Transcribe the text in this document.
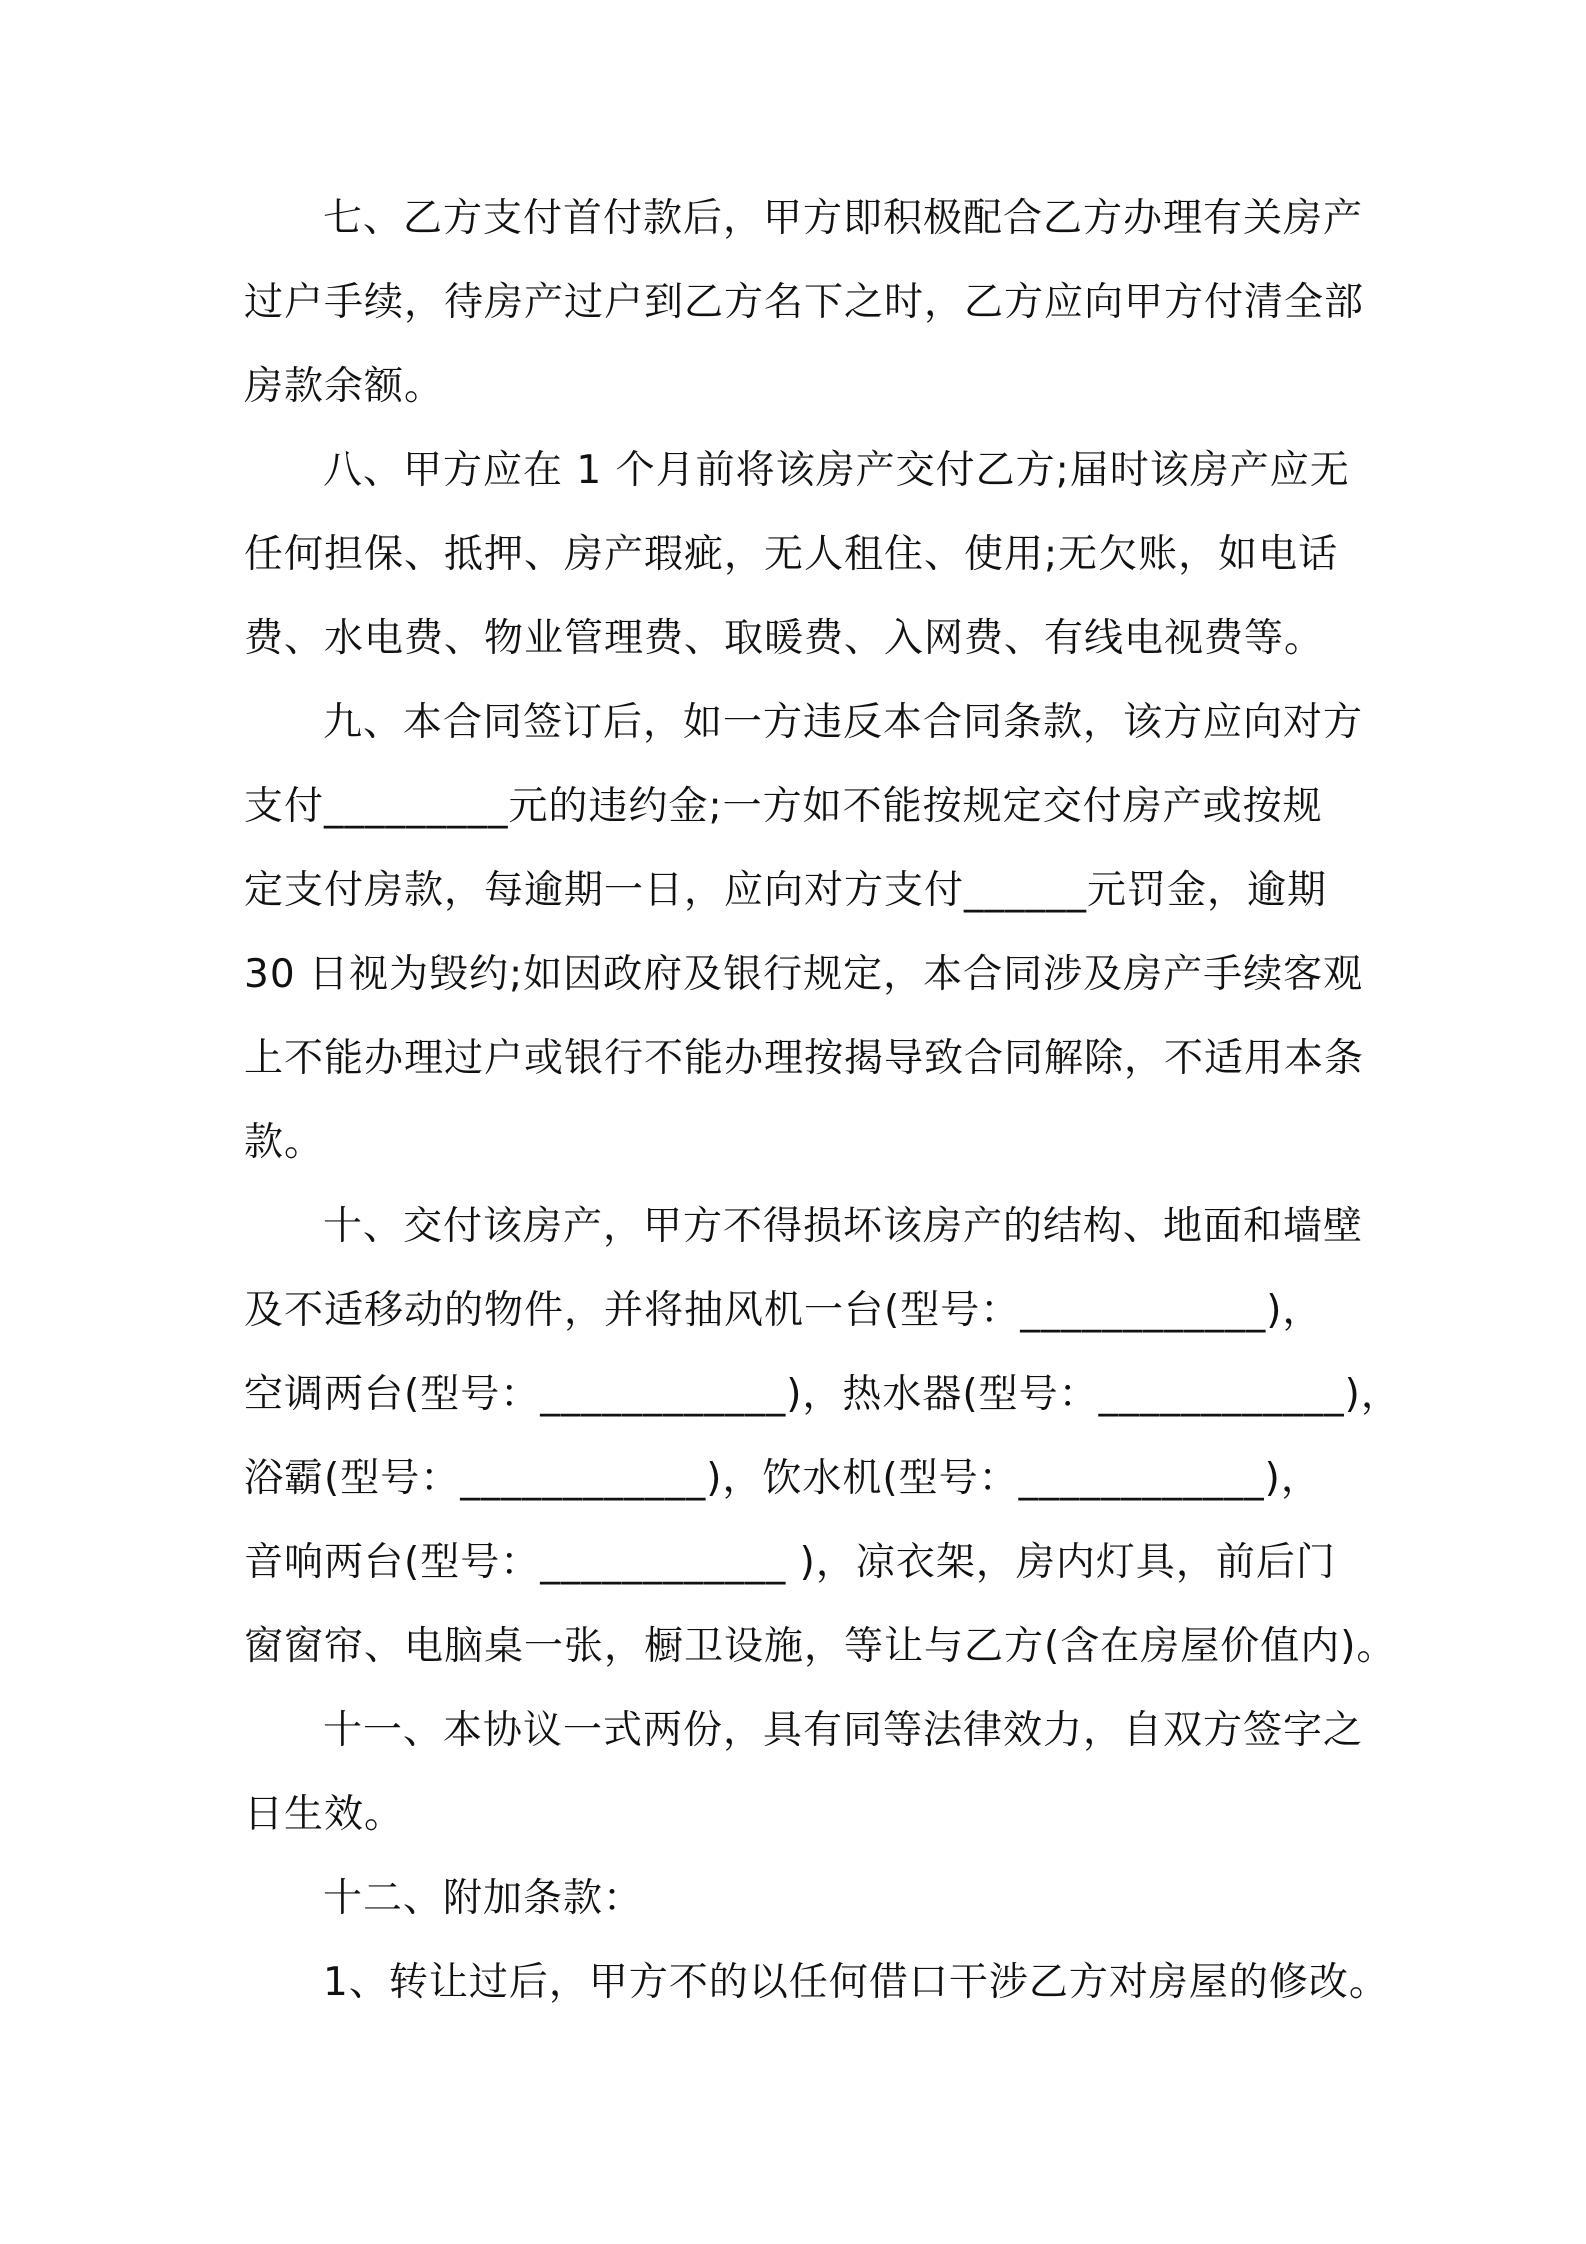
七、乙方支付首付款后，甲方即积极配合乙方办理有关房产
过户手续，待房产过户到乙方名下之时，乙方应向甲方付清全部
房款余额。
八、甲方应在 1 个月前将该房产交付乙方;届时该房产应无
任何担保、抵押、房产瑕疵，无人租住、使用;无欠账，如电话
费、水电费、物业管理费、取暖费、入网费、有线电视费等。
九、本合同签订后，如一方违反本合同条款，该方应向对方
支付_________元的违约金;一方如不能按规定交付房产或按规
定支付房款，每逾期一日，应向对方支付______元罚金，逾期
30 日视为毁约;如因政府及银行规定，本合同涉及房产手续客观
上不能办理过户或银行不能办理按揭导致合同解除，不适用本条
款。
十、交付该房产，甲方不得损坏该房产的结构、地面和墙壁
及不适移动的物件，并将抽风机一台(型号：____________)，
空调两台(型号：____________)，热水器(型号：____________)，
浴霸(型号：____________)，饮水机(型号：____________)，
音响两台(型号：____________ )，凉衣架，房内灯具，前后门
窗窗帘、电脑桌一张，橱卫设施，等让与乙方(含在房屋价值内)。
十一、本协议一式两份，具有同等法律效力，自双方签字之
日生效。
十二、附加条款：
1、转让过后，甲方不的以任何借口干涉乙方对房屋的修改。
